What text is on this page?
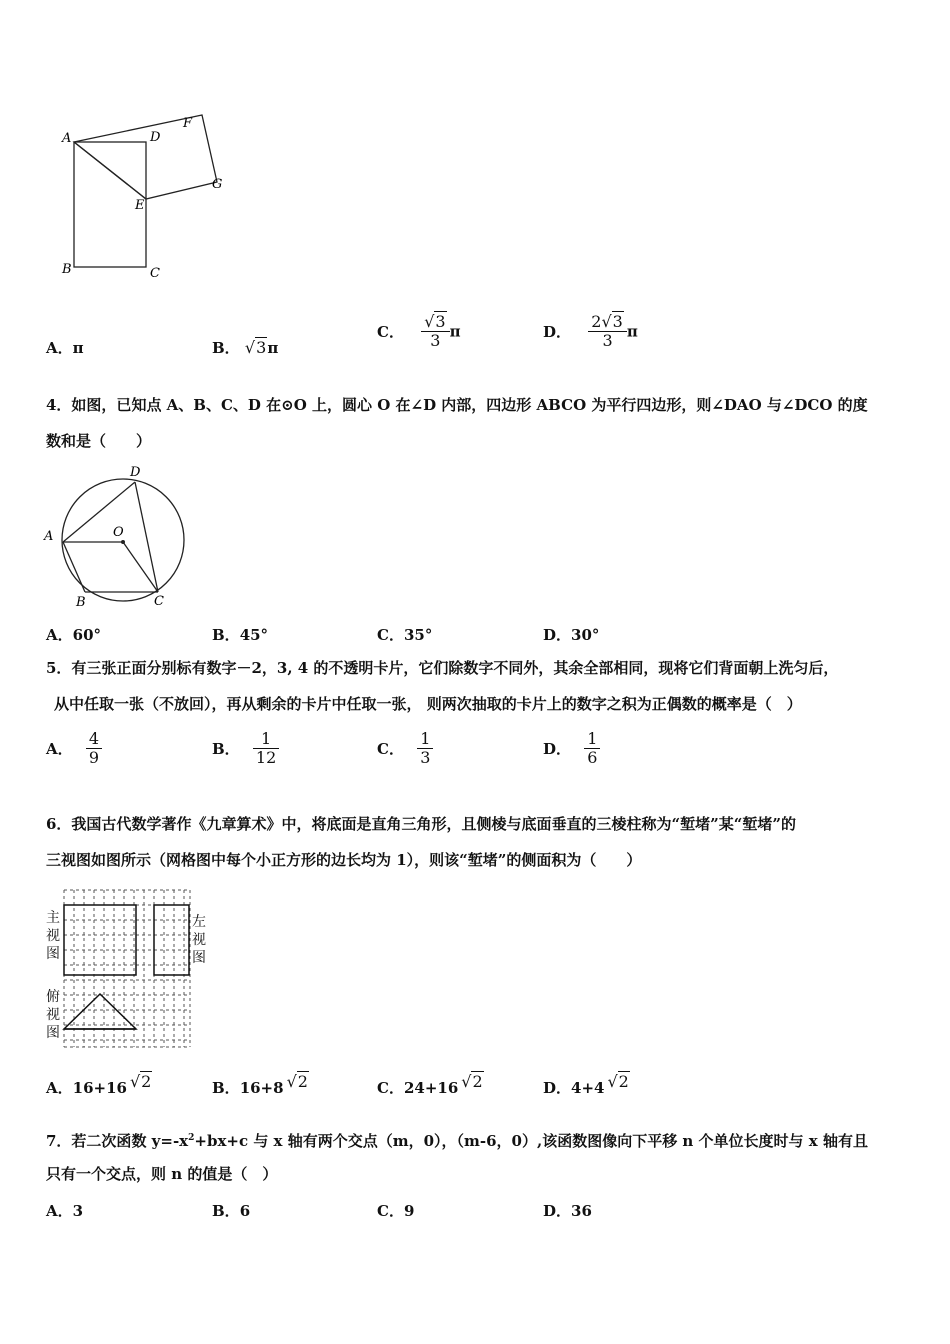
A	D
F
G
E
B	C
A．π	B． √3π
C． $\frac{√3}{3}$ π	D． $\frac{2√3}{3}$ π
4．如图，已知点 A、B、C、D 在⊙O 上，圆心 O 在∠D 内部，四边形 ABCO 为平行四边形，则∠DAO 与∠DCO 的度
数和是（　　）
D
O
A
B	C
A．60°	B．45°	C．35°	D．30°
5．有三张正面分别标有数字－2，3, 4 的不透明卡片，它们除数字不同外，其余全部相同，现将它们背面朝上洗匀后，
从中任取一张（不放回），再从剩余的卡片中任取一张， 则两次抽取的卡片上的数字之积为正偶数的概率是（　）
A． $\frac{4}{9}$	B． $\frac{1}{12}$	C． $\frac{1}{3}$	D． $\frac{1}{6}$
6．我国古代数学著作《九章算术》中，将底面是直角三角形，且侧棱与底面垂直的三棱柱称为“堑堵”某“堑堵”的
三视图如图所示（网格图中每个小正方形的边长均为 1），则该“堑堵”的侧面积为（　　）
主
视
图
左
视
图
俯
视
图
A．16+16 √2	B．16+8 √2	C．24+16 √2	D．4+4 √2
7．若二次函数 $y=-x^2+bx+c$ 与 x 轴有两个交点（m，0），（m-6，0）,该函数图像向下平移 n 个单位长度时与 x 轴有且
只有一个交点，则 n 的值是（　）
A．3	B．6	C．9	D．36
